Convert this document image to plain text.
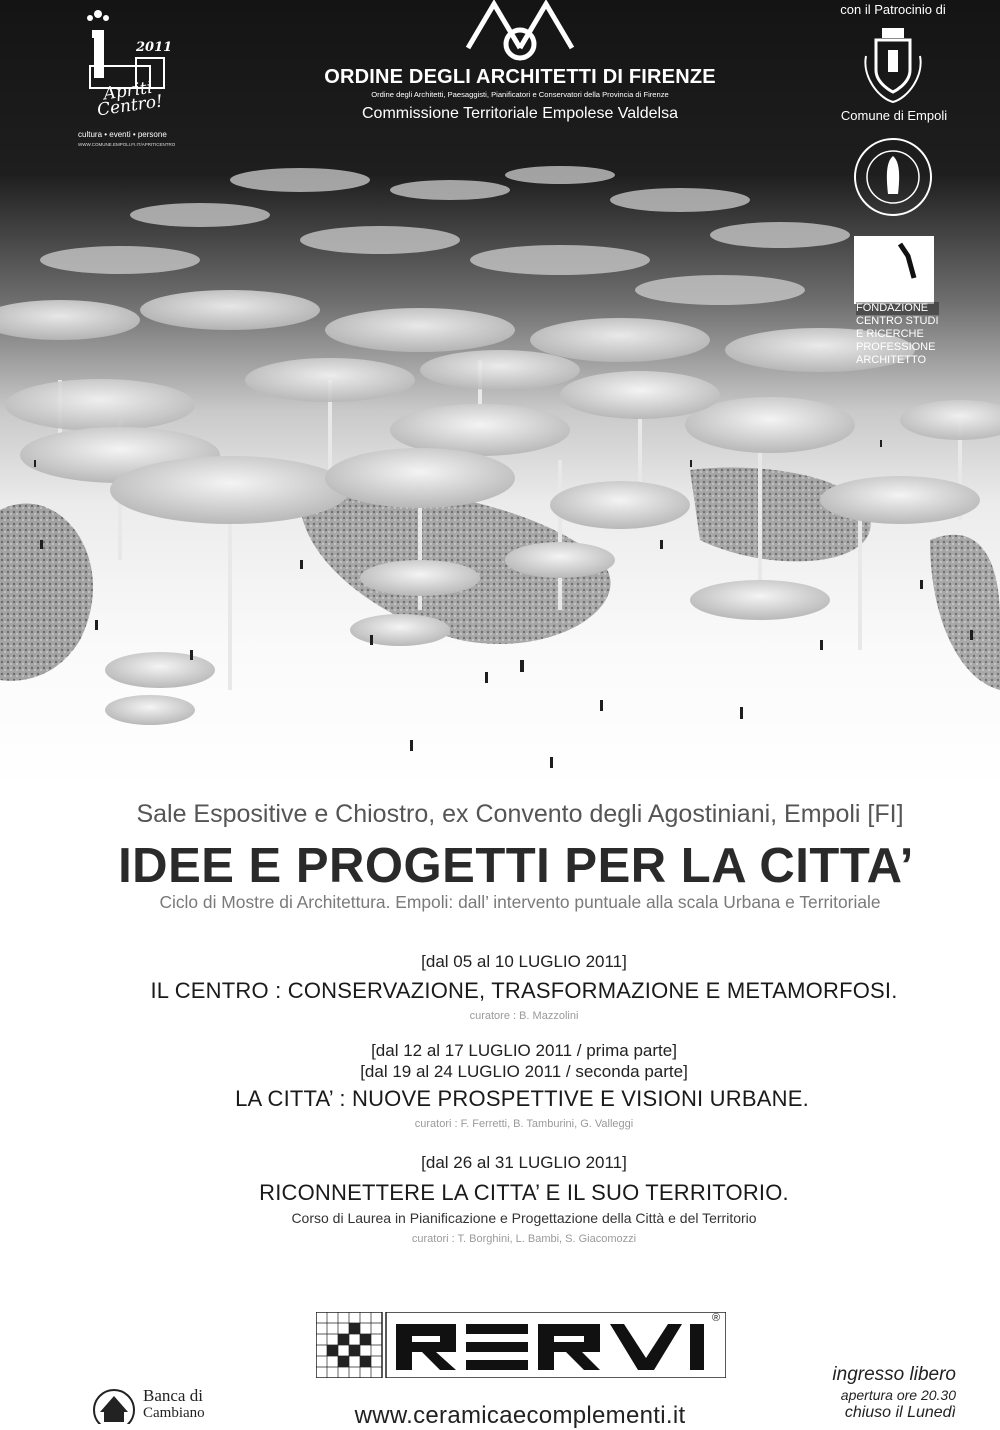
2011
Apriti Centro!
cultura • eventi • persone
WWW.COMUNE.EMPOLI.FI.IT/APRITICENTRO
ORDINE DEGLI ARCHITETTI DI FIRENZE
Ordine degli Architetti, Paesaggisti, Pianificatori e Conservatori della Provincia di Firenze
Commissione Territoriale Empolese Valdelsa
con il Patrocinio di
Comune di Empoli
FONDAZIONE
CENTRO STUDI
E RICERCHE
PROFESSIONE
ARCHITETTO
Sale Espositive e Chiostro, ex Convento degli Agostiniani, Empoli [FI]
IDEE E PROGETTI PER LA CITTA’
Ciclo di Mostre di Architettura. Empoli: dall’ intervento puntuale alla scala Urbana e Territoriale
[dal 05 al 10 LUGLIO 2011]
IL CENTRO : CONSERVAZIONE, TRASFORMAZIONE E METAMORFOSI.
curatore : B. Mazzolini
[dal 12 al 17 LUGLIO 2011 / prima parte]
[dal 19 al 24 LUGLIO 2011 / seconda parte]
LA CITTA’ : NUOVE PROSPETTIVE E VISIONI URBANE.
curatori : F. Ferretti, B. Tamburini, G. Valleggi
[dal 26 al 31 LUGLIO 2011]
RICONNETTERE LA CITTA’ E IL SUO TERRITORIO.
Corso di Laurea in Pianificazione e Progettazione della Città e del Territorio
curatori : T. Borghini, L. Bambi, S. Giacomozzi
®
www.ceramicaecomplementi.it
Banca di
Cambiano
ingresso libero
apertura ore 20.30
chiuso il Lunedì
